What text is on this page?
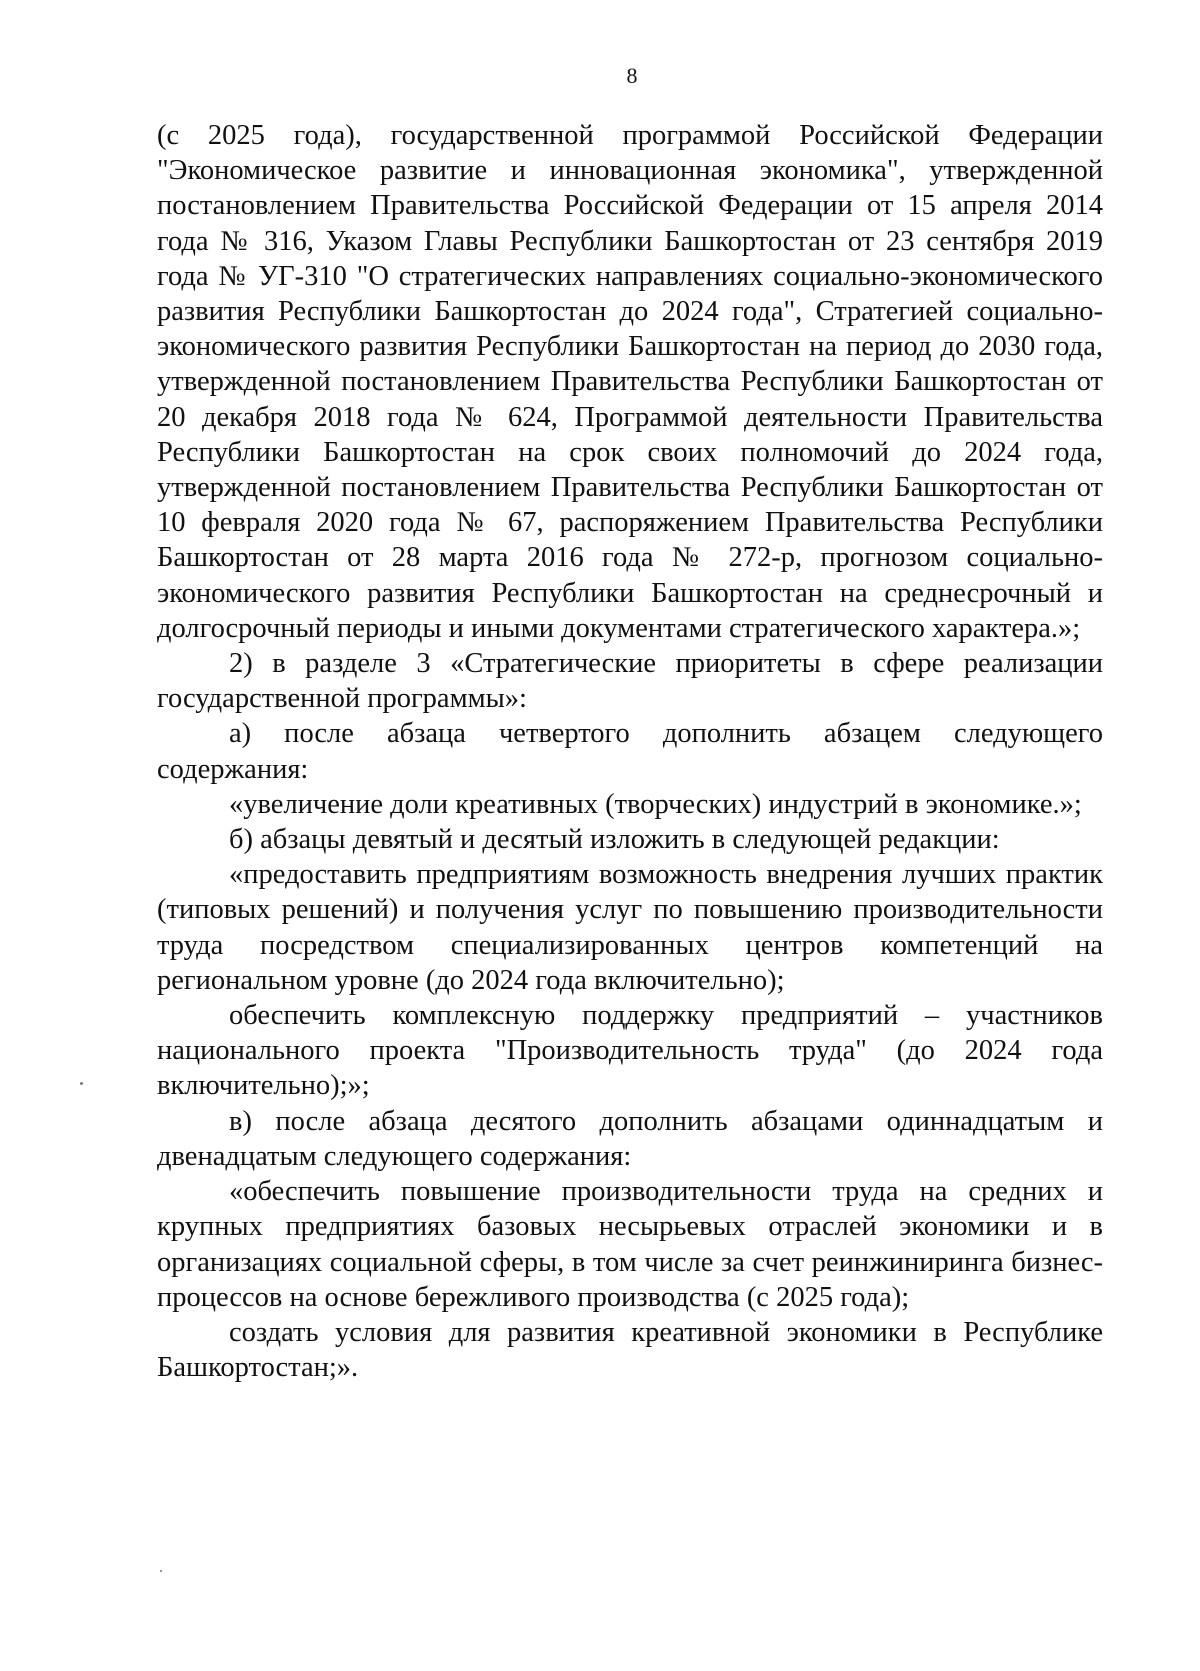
8

(с 2025 года), государственной программой Российской Федерации "Экономическое развитие и инновационная экономика", утвержденной постановлением Правительства Российской Федерации от 15 апреля 2014 года № 316, Указом Главы Республики Башкортостан от 23 сентября 2019 года № УГ-310 "О стратегических направлениях социально-экономического развития Республики Башкортостан до 2024 года", Стратегией социально-экономического развития Республики Башкортостан на период до 2030 года, утвержденной постановлением Правительства Республики Башкортостан от 20 декабря 2018 года № 624, Программой деятельности Правительства Республики Башкортостан на срок своих полномочий до 2024 года, утвержденной постановлением Правительства Республики Башкортостан от 10 февраля 2020 года № 67, распоряжением Правительства Республики Башкортостан от 28 марта 2016 года № 272-р, прогнозом социально-экономического развития Республики Башкортостан на среднесрочный и долгосрочный периоды и иными документами стратегического характера.»;

2) в разделе 3 «Стратегические приоритеты в сфере реализации государственной программы»:

а) после абзаца четвертого дополнить абзацем следующего содержания:

«увеличение доли креативных (творческих) индустрий в экономике.»;

б) абзацы девятый и десятый изложить в следующей редакции:

«предоставить предприятиям возможность внедрения лучших практик (типовых решений) и получения услуг по повышению производительности труда посредством специализированных центров компетенций на региональном уровне (до 2024 года включительно);

обеспечить комплексную поддержку предприятий – участников национального проекта "Производительность труда" (до 2024 года включительно);»;

в) после абзаца десятого дополнить абзацами одиннадцатым и двенадцатым следующего содержания:

«обеспечить повышение производительности труда на средних и крупных предприятиях базовых несырьевых отраслей экономики и в организациях социальной сферы, в том числе за счет реинжиниринга бизнес-процессов на основе бережливого производства (с 2025 года);

создать условия для развития креативной экономики в Республике Башкортостан;».
